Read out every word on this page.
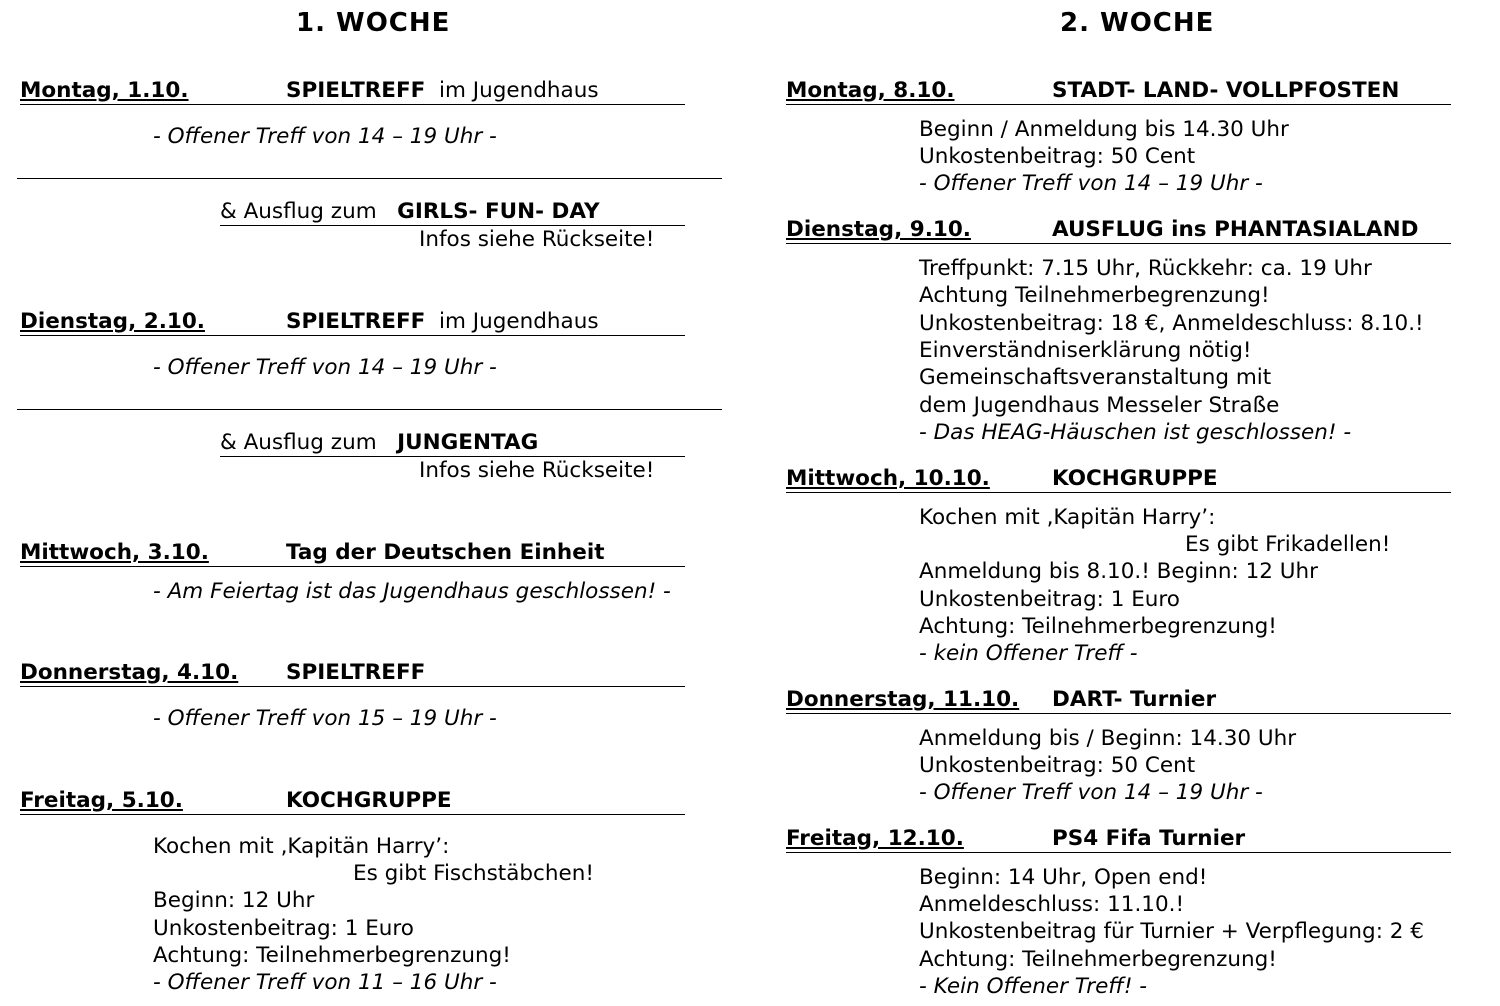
1. WOCHE
Montag, 1.10.	SPIELTREFF im Jugendhaus
- Offener Treff von 14 – 19 Uhr -
& Ausflug zum GIRLS- FUN- DAY
Infos siehe Rückseite!
Dienstag, 2.10.	SPIELTREFF im Jugendhaus
- Offener Treff von 14 – 19 Uhr -
& Ausflug zum JUNGENTAG
Infos siehe Rückseite!
Mittwoch, 3.10.	Tag der Deutschen Einheit
- Am Feiertag ist das Jugendhaus geschlossen! -
Donnerstag, 4.10. SPIELTREFF
- Offener Treff von 15 – 19 Uhr -
Freitag, 5.10.	KOCHGRUPPE
Kochen mit ‚Kapitän Harry’:
Es gibt Fischstäbchen!
Beginn: 12 Uhr
Unkostenbeitrag: 1 Euro
Achtung: Teilnehmerbegrenzung!
- Offener Treff von 11 – 16 Uhr -
2. WOCHE
Montag, 8.10.	STADT- LAND- VOLLPFOSTEN
Beginn / Anmeldung bis 14.30 Uhr
Unkostenbeitrag: 50 Cent
- Offener Treff von 14 – 19 Uhr -
Dienstag, 9.10.	AUSFLUG ins PHANTASIALAND
Treffpunkt: 7.15 Uhr, Rückkehr: ca. 19 Uhr
Achtung Teilnehmerbegrenzung!
Unkostenbeitrag: 18 €, Anmeldeschluss: 8.10.!
Einverständniserklärung nötig!
Gemeinschaftsveranstaltung mit
dem Jugendhaus Messeler Straße
- Das HEAG-Häuschen ist geschlossen! -
Mittwoch, 10.10.	KOCHGRUPPE
Kochen mit ‚Kapitän Harry’:
Es gibt Frikadellen!
Anmeldung bis 8.10.! Beginn: 12 Uhr
Unkostenbeitrag: 1 Euro
Achtung: Teilnehmerbegrenzung!
- kein Offener Treff -
Donnerstag, 11.10. DART- Turnier
Anmeldung bis / Beginn: 14.30 Uhr
Unkostenbeitrag: 50 Cent
- Offener Treff von 14 – 19 Uhr -
Freitag, 12.10.	PS4 Fifa Turnier
Beginn: 14 Uhr, Open end!
Anmeldeschluss: 11.10.!
Unkostenbeitrag für Turnier + Verpflegung: 2 €
Achtung: Teilnehmerbegrenzung!
- Kein Offener Treff! -
